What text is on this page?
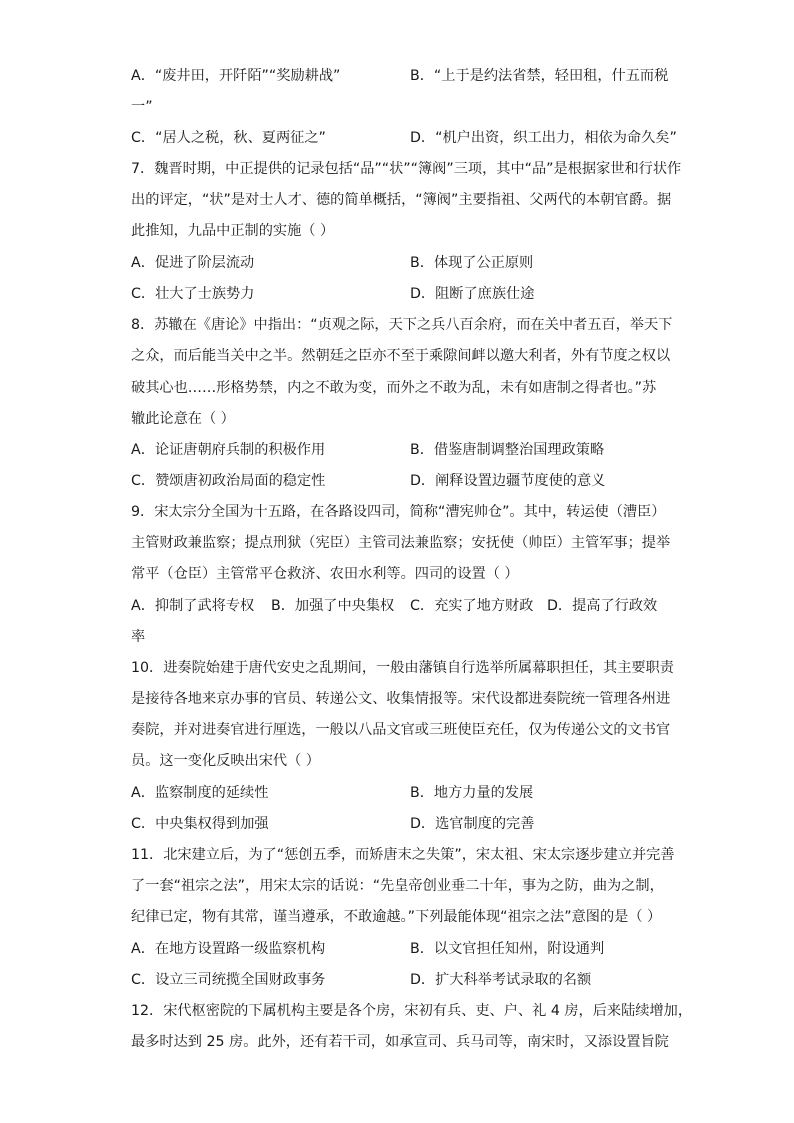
A．“废井田，开阡陌”“奖励耕战”	B．“上于是约法省禁，轻田租，什五而税
一”
C．“居人之税，秋、夏两征之”	D．“机户出资，织工出力，相依为命久矣”
7．魏晋时期，中正提供的记录包括“品”“状”“簿阀”三项，其中“品”是根据家世和行状作
出的评定，“状”是对士人才、德的简单概括，“簿阀”主要指祖、父两代的本朝官爵。据
此推知，九品中正制的实施（ ）
A．促进了阶层流动	B．体现了公正原则
C．壮大了士族势力	D．阻断了庶族仕途
8．苏辙在《唐论》中指出：“贞观之际，天下之兵八百余府，而在关中者五百，举天下
之众，而后能当关中之半。然朝廷之臣亦不至于乘隙间衅以邀大利者，外有节度之权以
破其心也……形格势禁，内之不敢为变，而外之不敢为乱，未有如唐制之得者也。”苏
辙此论意在（ ）
A．论证唐朝府兵制的积极作用	B．借鉴唐制调整治国理政策略
C．赞颂唐初政治局面的稳定性	D．阐释设置边疆节度使的意义
9．宋太宗分全国为十五路，在各路设四司，简称“漕宪帅仓”。其中，转运使（漕臣）
主管财政兼监察；提点刑狱（宪臣）主管司法兼监察；安抚使（帅臣）主管军事；提举
常平（仓臣）主管常平仓救济、农田水利等。四司的设置（ ）
A．抑制了武将专权 B．加强了中央集权 C．充实了地方财政 D．提高了行政效
率
10．进奏院始建于唐代安史之乱期间，一般由藩镇自行选举所属幕职担任，其主要职责
是接待各地来京办事的官员、转递公文、收集情报等。宋代设都进奏院统一管理各州进
奏院，并对进奏官进行厘选，一般以八品文官或三班使臣充任，仅为传递公文的文书官
员。这一变化反映出宋代（ ）
A．监察制度的延续性	B．地方力量的发展
C．中央集权得到加强	D．选官制度的完善
11．北宋建立后，为了“惩创五季，而矫唐末之失策”，宋太祖、宋太宗逐步建立并完善
了一套“祖宗之法”，用宋太宗的话说：“先皇帝创业垂二十年，事为之防，曲为之制，
纪律已定，物有其常，谨当遵承，不敢逾越。”下列最能体现“祖宗之法”意图的是（ ）
A．在地方设置路一级监察机构	B．以文官担任知州，附设通判
C．设立三司统揽全国财政事务	D．扩大科举考试录取的名额
12．宋代枢密院的下属机构主要是各个房，宋初有兵、吏、户、礼 4 房，后来陆续增加，
最多时达到 25 房。此外，还有若干司，如承宣司、兵马司等，南宋时，又添设置旨院
